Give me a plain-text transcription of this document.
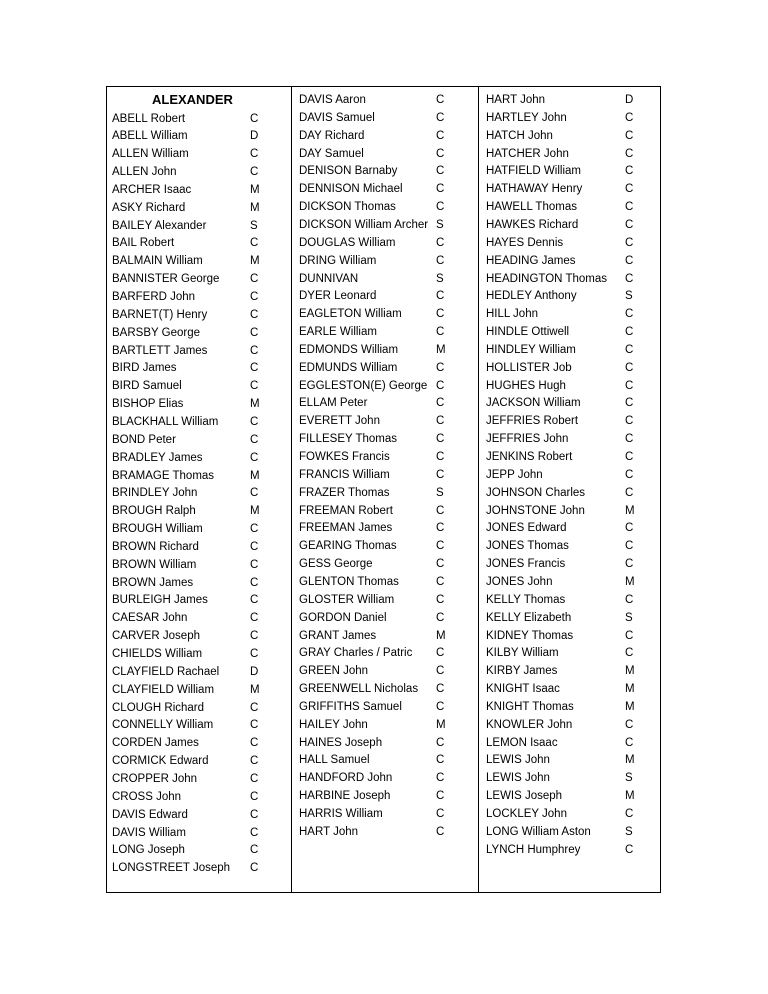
ALEXANDER
ABELL Robert	C
ABELL William	D
ALLEN William	C
ALLEN John	C
ARCHER Isaac	M
ASKY Richard	M
BAILEY Alexander	S
BAIL Robert	C
BALMAIN William	M
BANNISTER George	C
BARFERD John	C
BARNET(T) Henry	C
BARSBY George	C
BARTLETT James	C
BIRD James	C
BIRD Samuel	C
BISHOP Elias	M
BLACKHALL William	C
BOND Peter	C
BRADLEY James	C
BRAMAGE Thomas	M
BRINDLEY John	C
BROUGH Ralph	M
BROUGH William	C
BROWN Richard	C
BROWN William	C
BROWN James	C
BURLEIGH James	C
CAESAR John	C
CARVER Joseph	C
CHIELDS William	C
CLAYFIELD Rachael	D
CLAYFIELD William	M
CLOUGH Richard	C
CONNELLY William	C
CORDEN James	C
CORMICK Edward	C
CROPPER John	C
CROSS John	C
DAVIS Edward	C
DAVIS William	C
LONG Joseph	C
LONGSTREET Joseph C
DAVIS Aaron	C
DAVIS Samuel	C
DAY Richard	C
DAY Samuel	C
DENISON Barnaby	C
DENNISON Michael	C
DICKSON Thomas	C
DICKSON William Archer S
DOUGLAS William	C
DRING William	C
DUNNIVAN	S
DYER Leonard	C
EAGLETON William	C
EARLE William	C
EDMONDS William	M
EDMUNDS William	C
EGGLESTON(E) George C
ELLAM Peter	C
EVERETT John	C
FILLESEY Thomas	C
FOWKES Francis	C
FRANCIS William	C
FRAZER Thomas	S
FREEMAN Robert	C
FREEMAN James	C
GEARING Thomas	C
GESS George	C
GLENTON Thomas	C
GLOSTER William	C
GORDON Daniel	C
GRANT James	M
GRAY Charles / Patric C
GREEN John	C
GREENWELL Nicholas C
GRIFFITHS Samuel	C
HAILEY John	M
HAINES Joseph	C
HALL Samuel	C
HANDFORD John	C
HARBINE Joseph	C
HARRIS William	C
HART John	C
HART John	D
HARTLEY John	C
HATCH John	C
HATCHER John	C
HATFIELD William	C
HATHAWAY Henry	C
HAWELL Thomas	C
HAWKES Richard	C
HAYES Dennis	C
HEADING James	C
HEADINGTON Thomas C
HEDLEY Anthony	S
HILL John	C
HINDLE Ottiwell	C
HINDLEY William	C
HOLLISTER Job	C
HUGHES Hugh	C
JACKSON William	C
JEFFRIES Robert	C
JEFFRIES John	C
JENKINS Robert	C
JEPP John	C
JOHNSON Charles	C
JOHNSTONE John	M
JONES Edward	C
JONES Thomas	C
JONES Francis	C
JONES John	M
KELLY Thomas	C
KELLY Elizabeth	S
KIDNEY Thomas	C
KILBY William	C
KIRBY James	M
KNIGHT Isaac	M
KNIGHT Thomas	M
KNOWLER John	C
LEMON Isaac	C
LEWIS John	M
LEWIS John	S
LEWIS Joseph	M
LOCKLEY John	C
LONG William Aston	S
LYNCH Humphrey	C
